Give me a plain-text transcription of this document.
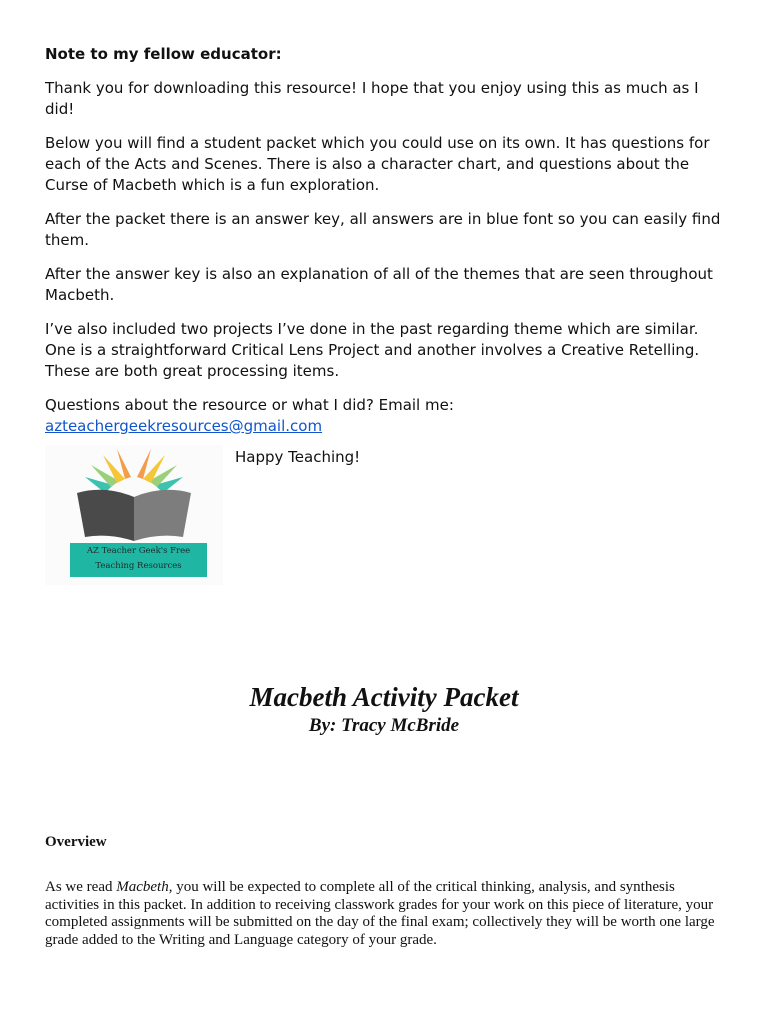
Note to my fellow educator:

Thank you for downloading this resource! I hope that you enjoy using this as much as I did!

Below you will find a student packet which you could use on its own. It has questions for each of the Acts and Scenes. There is also a character chart, and questions about the Curse of Macbeth which is a fun exploration.

After the packet there is an answer key, all answers are in blue font so you can easily find them.

After the answer key is also an explanation of all of the themes that are seen throughout Macbeth.

I’ve also included two projects I’ve done in the past regarding theme which are similar. One is a straightforward Critical Lens Project and another involves a Creative Retelling. These are both great processing items.

Questions about the resource or what I did? Email me:

azteacherg​eekresources@gmail.com
AZ Teacher Geek's Free
Teaching Resources
Happy Teaching!

Macbeth Activity Packet

By: Tracy McBride

Overview

As we read Macbeth, you will be expected to complete all of the critical thinking, analysis, and synthesis activities in this packet. In addition to receiving classwork grades for your work on this piece of literature, your completed assignments will be submitted on the day of the final exam; collectively they will be worth one large grade added to the Writing and Language category of your grade.
